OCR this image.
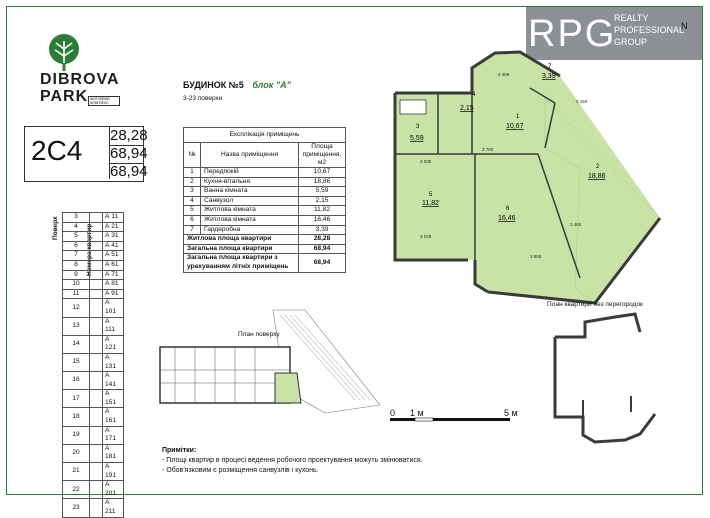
DIBROVA
PARK ЖИТЛОВИЙ КОМПЛЕКС
RPG
REALTY
PROFESSIONAL
GROUP
N
БУДИНОК №5 блок "А"
3-23 поверхи
2С4 28,28
68,94
68,94
Експлікація приміщень		
№	Назва приміщення	Площа приміщення, м2
1	Передпокій	10,67
2	Кухня-вітальня	18,86
3	Ванна кімната	5,59
4	Санвузол	2,15
5	Житлова кімната	11,82
6	Житлова кімната	16,46
7	Гардеробна	3,39
Житлова площа квартири		28,28
Загальна площа квартири		68,94
Загальна площа квартири з урахуванням літніх приміщень		68,94
Поверх	Номера квартир
3		А 11
4		А 21
5		А 31
6		А 41
7		А 51
8		А 61
9		А 71
10		А 81
11		А 91
12		А 101
13		А 111
14		А 121
15		А 131
16		А 141
17		А 151
18		А 161
19		А 171
20		А 181
21		А 191
22		А 201
23		А 211
1
10,67
2
18,86
3
5,59
4
2,15
5
11,82
6
16,46
7
3,39
4 409
2 150
2 030
3 700
3 028
3 955
3 465
План поверху
0 1 м	5 м
План квартири без перегородок
Примітки:
- Площі квартир в процесі ведення робочого проектування можуть змінюватися.
- Обов'язковим є розміщення санвузлів і кухонь.
